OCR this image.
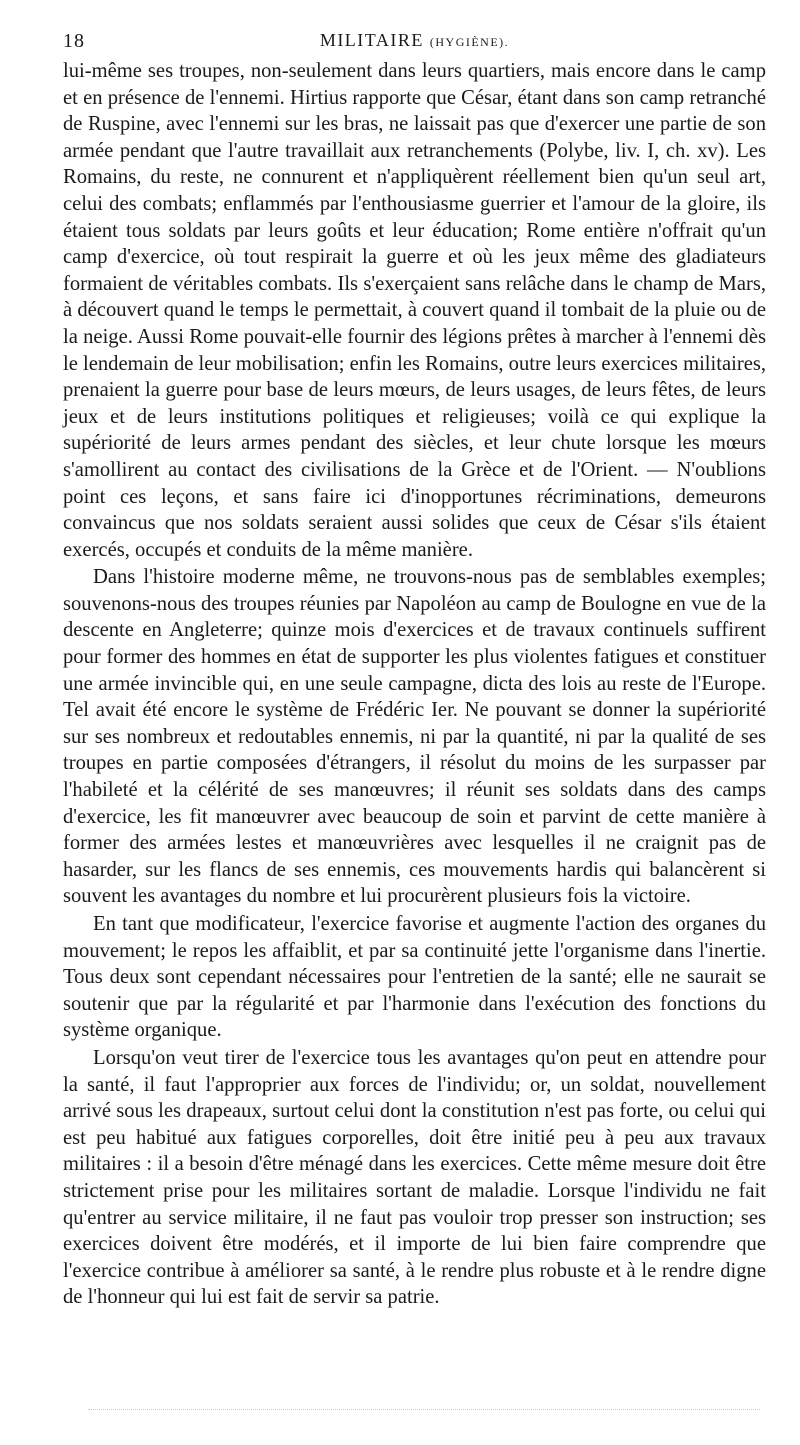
18	MILITAIRE (HYGIÈNE).

lui-même ses troupes, non-seulement dans leurs quartiers, mais encore dans le camp et en présence de l'ennemi. Hirtius rapporte que César, étant dans son camp retranché de Ruspine, avec l'ennemi sur les bras, ne laissait pas que d'exercer une partie de son armée pendant que l'autre travaillait aux retranchements (Polybe, liv. I, ch. xv). Les Romains, du reste, ne connurent et n'appliquèrent réellement bien qu'un seul art, celui des combats; enflammés par l'enthousiasme guerrier et l'amour de la gloire, ils étaient tous soldats par leurs goûts et leur éducation; Rome entière n'offrait qu'un camp d'exercice, où tout respirait la guerre et où les jeux même des gladiateurs formaient de véritables combats. Ils s'exerçaient sans relâche dans le champ de Mars, à découvert quand le temps le permettait, à couvert quand il tombait de la pluie ou de la neige. Aussi Rome pouvait-elle fournir des légions prêtes à marcher à l'ennemi dès le lendemain de leur mobilisation; enfin les Romains, outre leurs exercices militaires, prenaient la guerre pour base de leurs mœurs, de leurs usages, de leurs fêtes, de leurs jeux et de leurs institutions politiques et religieuses; voilà ce qui explique la supériorité de leurs armes pendant des siècles, et leur chute lorsque les mœurs s'amollirent au contact des civilisations de la Grèce et de l'Orient. — N'oublions point ces leçons, et sans faire ici d'inopportunes récriminations, demeurons convaincus que nos soldats seraient aussi solides que ceux de César s'ils étaient exercés, occupés et conduits de la même manière.

Dans l'histoire moderne même, ne trouvons-nous pas de semblables exemples; souvenons-nous des troupes réunies par Napoléon au camp de Boulogne en vue de la descente en Angleterre; quinze mois d'exercices et de travaux continuels suffirent pour former des hommes en état de supporter les plus violentes fatigues et constituer une armée invincible qui, en une seule campagne, dicta des lois au reste de l'Europe. Tel avait été encore le système de Frédéric Ier. Ne pouvant se donner la supériorité sur ses nombreux et redoutables ennemis, ni par la quantité, ni par la qualité de ses troupes en partie composées d'étrangers, il résolut du moins de les surpasser par l'habileté et la célérité de ses manœuvres; il réunit ses soldats dans des camps d'exercice, les fit manœuvrer avec beaucoup de soin et parvint de cette manière à former des armées lestes et manœuvrières avec lesquelles il ne craignit pas de hasarder, sur les flancs de ses ennemis, ces mouvements hardis qui balancèrent si souvent les avantages du nombre et lui procurèrent plusieurs fois la victoire.

En tant que modificateur, l'exercice favorise et augmente l'action des organes du mouvement; le repos les affaiblit, et par sa continuité jette l'organisme dans l'inertie. Tous deux sont cependant nécessaires pour l'entretien de la santé; elle ne saurait se soutenir que par la régularité et par l'harmonie dans l'exécution des fonctions du système organique.

Lorsqu'on veut tirer de l'exercice tous les avantages qu'on peut en attendre pour la santé, il faut l'approprier aux forces de l'individu; or, un soldat, nouvellement arrivé sous les drapeaux, surtout celui dont la constitution n'est pas forte, ou celui qui est peu habitué aux fatigues corporelles, doit être initié peu à peu aux travaux militaires : il a besoin d'être ménagé dans les exercices. Cette même mesure doit être strictement prise pour les militaires sortant de maladie. Lorsque l'individu ne fait qu'entrer au service militaire, il ne faut pas vouloir trop presser son instruction; ses exercices doivent être modérés, et il importe de lui bien faire comprendre que l'exercice contribue à améliorer sa santé, à le rendre plus robuste et à le rendre digne de l'honneur qui lui est fait de servir sa patrie.
